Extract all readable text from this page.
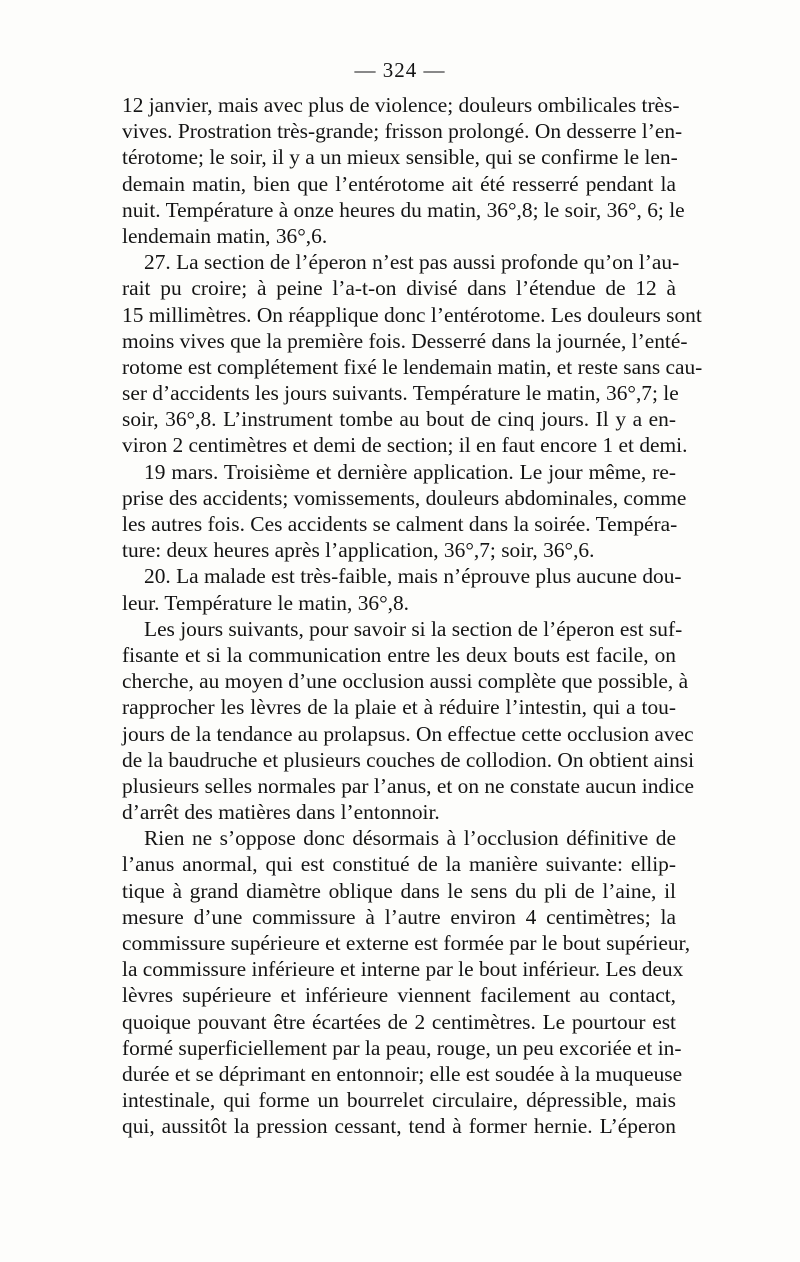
— 324 —
12 janvier, mais avec plus de violence; douleurs ombilicales très-
vives. Prostration très-grande; frisson prolongé. On desserre l’en-
térotome; le soir, il y a un mieux sensible, qui se confirme le len-
demain matin, bien que l’entérotome ait été resserré pendant la
nuit. Température à onze heures du matin, 36°,8; le soir, 36°, 6; le
lendemain matin, 36°,6.
27. La section de l’éperon n’est pas aussi profonde qu’on l’au-
rait pu croire; à peine l’a-t-on divisé dans l’étendue de 12 à
15 millimètres. On réapplique donc l’entérotome. Les douleurs sont
moins vives que la première fois. Desserré dans la journée, l’enté-
rotome est complétement fixé le lendemain matin, et reste sans cau-
ser d’accidents les jours suivants. Température le matin, 36°,7; le
soir, 36°,8. L’instrument tombe au bout de cinq jours. Il y a en-
viron 2 centimètres et demi de section; il en faut encore 1 et demi.
19 mars. Troisième et dernière application. Le jour même, re-
prise des accidents; vomissements, douleurs abdominales, comme
les autres fois. Ces accidents se calment dans la soirée. Tempéra-
ture: deux heures après l’application, 36°,7; soir, 36°,6.
20. La malade est très-faible, mais n’éprouve plus aucune dou-
leur. Température le matin, 36°,8.
Les jours suivants, pour savoir si la section de l’éperon est suf-
fisante et si la communication entre les deux bouts est facile, on
cherche, au moyen d’une occlusion aussi complète que possible, à
rapprocher les lèvres de la plaie et à réduire l’intestin, qui a tou-
jours de la tendance au prolapsus. On effectue cette occlusion avec
de la baudruche et plusieurs couches de collodion. On obtient ainsi
plusieurs selles normales par l’anus, et on ne constate aucun indice
d’arrêt des matières dans l’entonnoir.
Rien ne s’oppose donc désormais à l’occlusion définitive de
l’anus anormal, qui est constitué de la manière suivante: ellip-
tique à grand diamètre oblique dans le sens du pli de l’aine, il
mesure d’une commissure à l’autre environ 4 centimètres; la
commissure supérieure et externe est formée par le bout supérieur,
la commissure inférieure et interne par le bout inférieur. Les deux
lèvres supérieure et inférieure viennent facilement au contact,
quoique pouvant être écartées de 2 centimètres. Le pourtour est
formé superficiellement par la peau, rouge, un peu excoriée et in-
durée et se déprimant en entonnoir; elle est soudée à la muqueuse
intestinale, qui forme un bourrelet circulaire, dépressible, mais
qui, aussitôt la pression cessant, tend à former hernie. L’éperon
